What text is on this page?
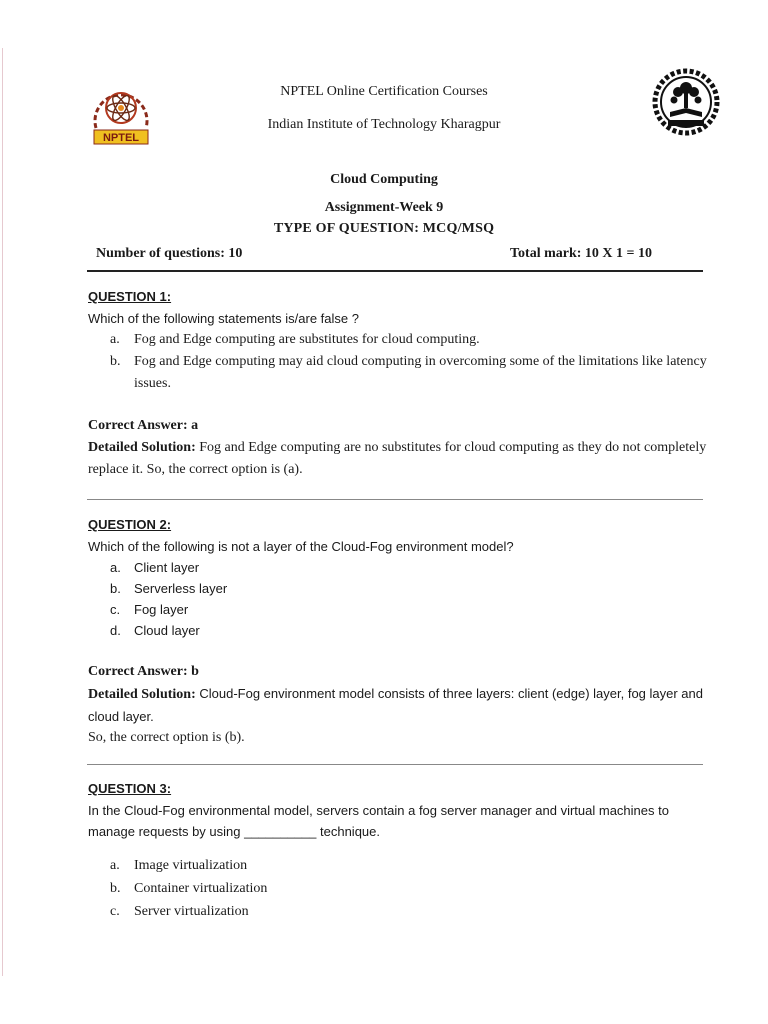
NPTEL
NPTEL Online Certification Courses
Indian Institute of Technology Kharagpur
Cloud Computing
Assignment-Week 9
TYPE OF QUESTION: MCQ/MSQ
Number of questions: 10	Total mark: 10 X 1 = 10

QUESTION 1:

Which of the following statements is/are false ?

a. Fog and Edge computing are substitutes for cloud computing.
b. Fog and Edge computing may aid cloud computing in overcoming some of the limitations like latency issues.

Correct Answer: a

Detailed Solution: Fog and Edge computing are no substitutes for cloud computing as they do not completely replace it. So, the correct option is (a).

QUESTION 2:

Which of the following is not a layer of the Cloud-Fog environment model?

a. Client layer
b. Serverless layer
c. Fog layer
d. Cloud layer

Correct Answer: b

Detailed Solution: Cloud-Fog environment model consists of three layers: client (edge) layer, fog layer and cloud layer.

So, the correct option is (b).

QUESTION 3:

In the Cloud-Fog environmental model, servers contain a fog server manager and virtual machines to manage requests by using __________ technique.

a. Image virtualization
b. Container virtualization
c. Server virtualization
